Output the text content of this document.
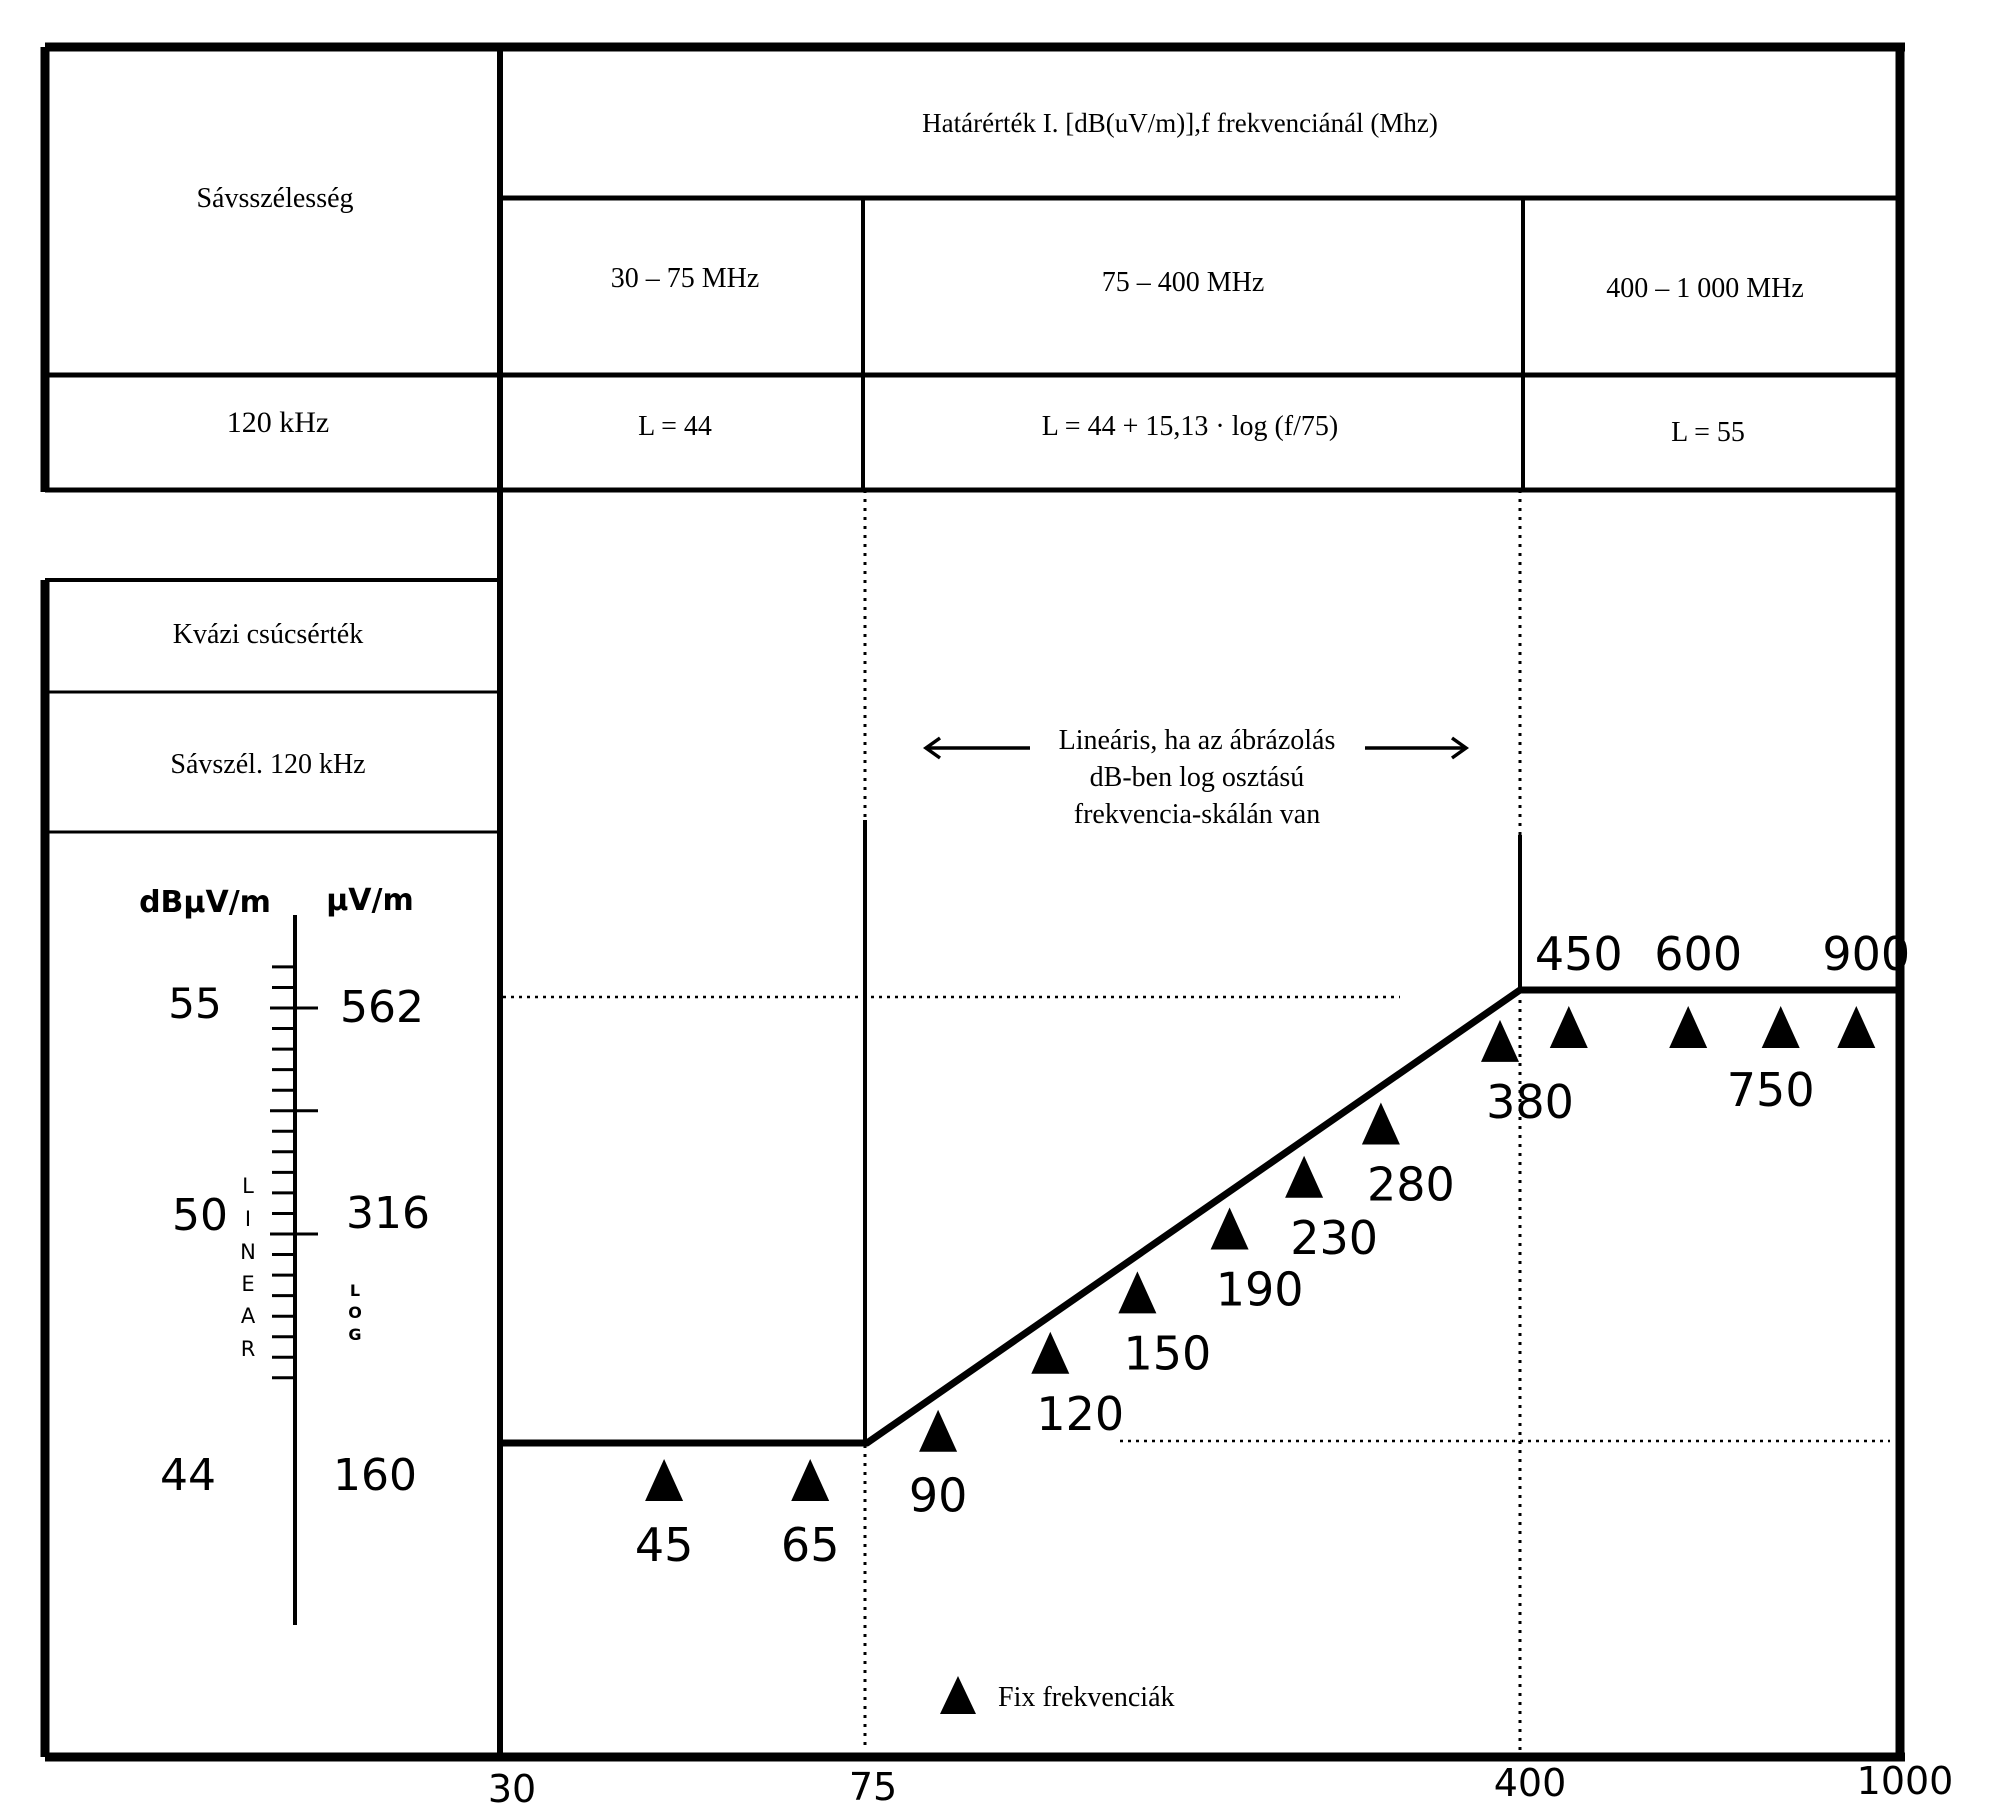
Határérték I. [dB(uV/m)],f frekvenciánál (Mhz)
Sávsszélesség
120 kHz
30 – 75 MHz	75 – 400 MHz	400 – 1 000 MHz
L = 44	L = 44 + 15,13 · log (f/75)	L = 55
Kvázi csúcsérték
Sávszél. 120 kHz
dBμV/m μV/m
55	562
50	316
44	160
L
I
N
E
A
R
L
O
G
Lineáris, ha az ábrázolás
dB-ben log osztású
frekvencia-skálán van
45 65
90
120
150
190
230
280
380
450 600
750
900
Fix frekvenciák
30	75	400	1000
